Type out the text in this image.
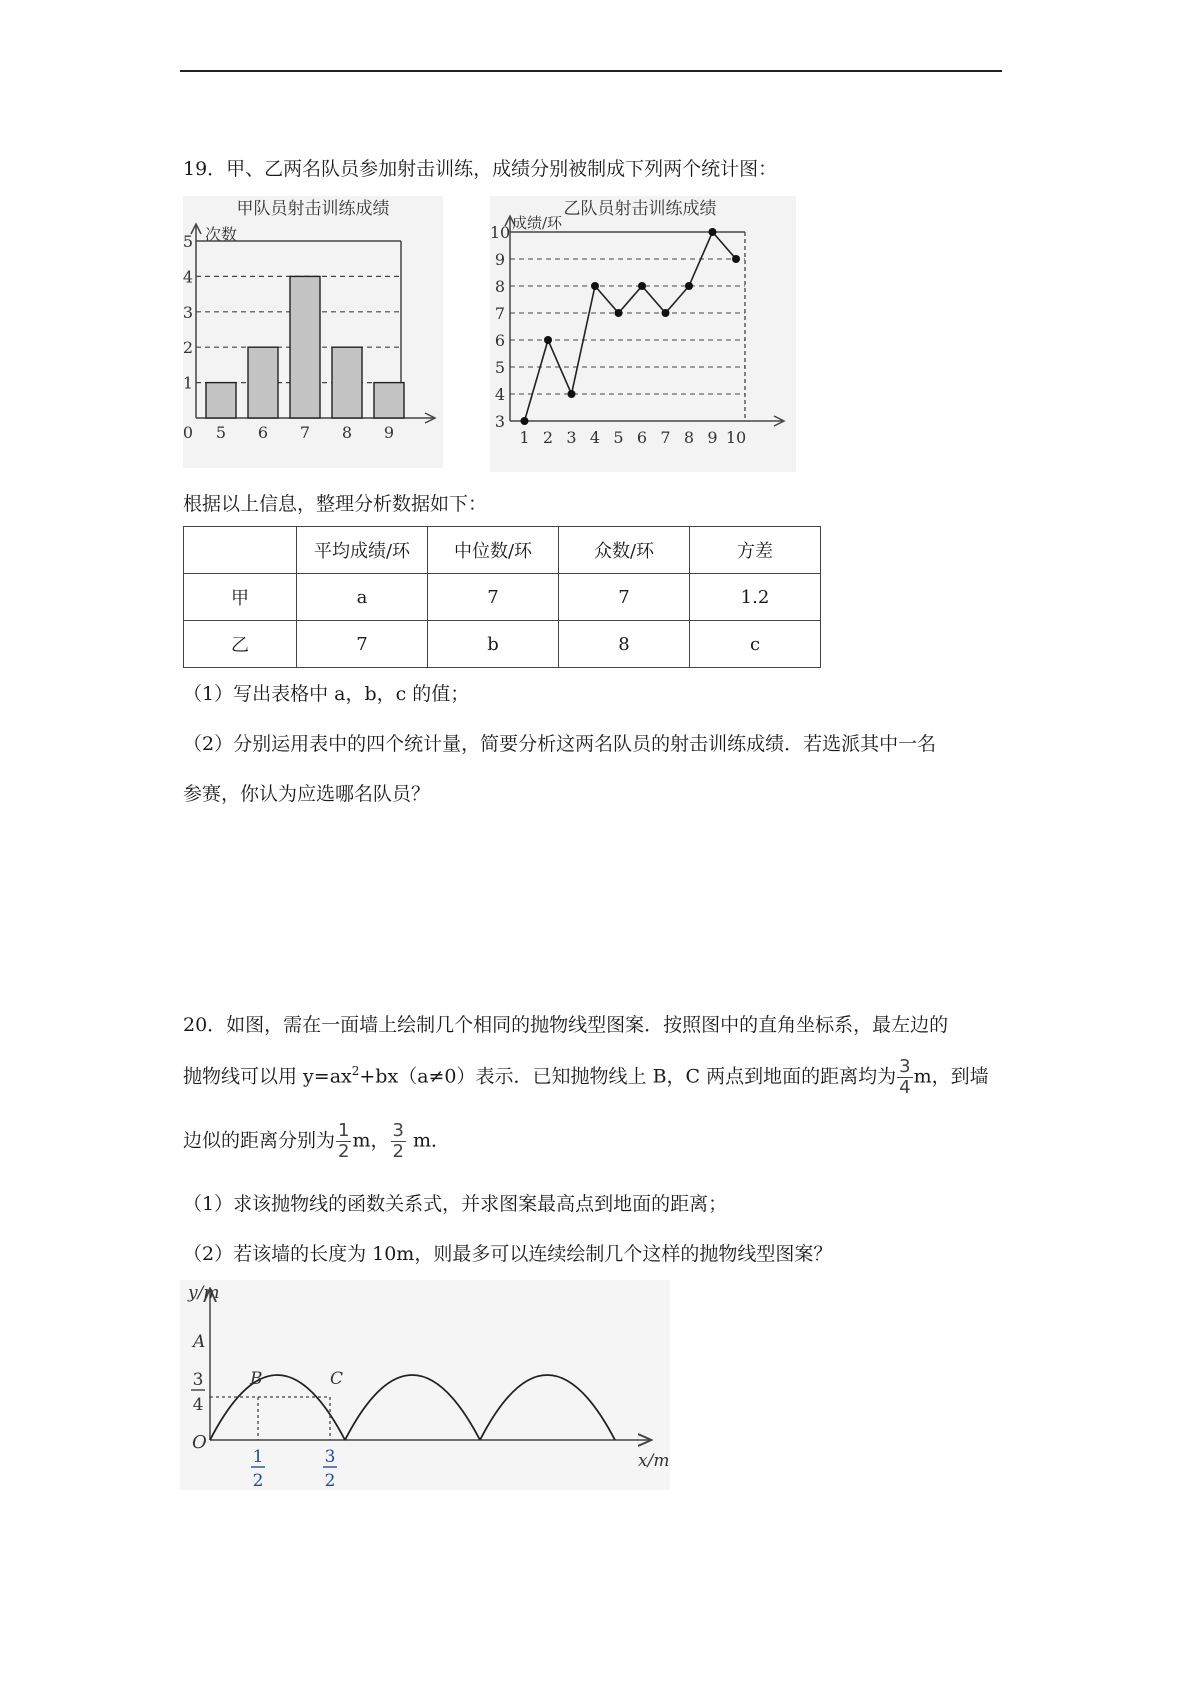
19．甲、乙两名队员参加射击训练，成绩分别被制成下列两个统计图：
甲队员射击训练成绩
次数
1
2
3
4
5
0 5 6 7 8 9
乙队员射击训练成绩
成绩/环
3
4
5
6
7
8
9
10
1 2 3 4 5 6 7 8 9 10
根据以上信息，整理分析数据如下：
	平均成绩/环	中位数/环	众数/环	方差
甲	a	7	7	1.2
乙	7	b	8	c
（1）写出表格中 a，b，c 的值；
（2）分别运用表中的四个统计量，简要分析这两名队员的射击训练成绩．若选派其中一名
参赛，你认为应选哪名队员？
20．如图，需在一面墙上绘制几个相同的抛物线型图案．按照图中的直角坐标系，最左边的
抛物线可以用 $y=ax^2+bx(a\ne 0)$表示．已知抛物线上 B，C 两点到地面的距离均为 $\frac{3}{4}$ m，到墙
边似的距离分别为 $\frac{1}{2}$ m， $\frac{3}{2}$ m．
（1）求该抛物线的函数关系式，并求图案最高点到地面的距离；
（2）若该墙的长度为 10m，则最多可以连续绘制几个这样的抛物线型图案？
y/m
x/m
O
A
B	C
3
4
1
2
3
2
